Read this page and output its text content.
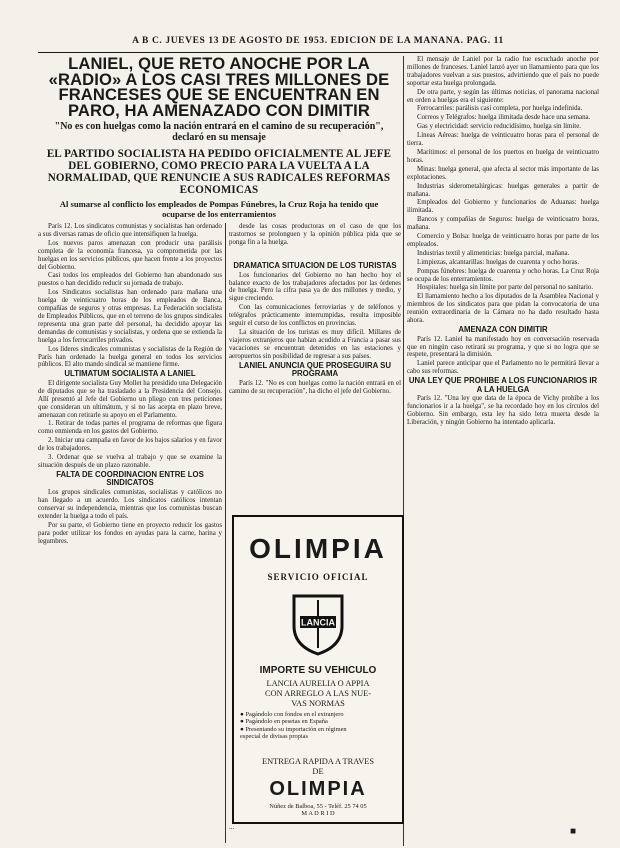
A B C. JUEVES 13 DE AGOSTO DE 1953. EDICION DE LA MAÑANA. PAG. 11
LANIEL, QUE RETO ANOCHE POR LA «RADIO» A LOS CASI TRES MILLONES DE FRANCESES QUE SE ENCUENTRAN EN PARO, HA AMENAZADO CON DIMITIR
"No es con huelgas como la nación entrará en el camino de su recuperación", declaró en su mensaje
EL PARTIDO SOCIALISTA HA PEDIDO OFICIALMENTE AL JEFE DEL GOBIERNO, COMO PRECIO PARA LA VUELTA A LA NORMALIDAD, QUE RENUNCIE A SUS RADICALES REFORMAS ECONOMICAS
Al sumarse al conflicto los empleados de Pompas Fúnebres, la Cruz Roja ha tenido que ocuparse de los enterramientos

París 12. Los sindicatos comunistas y socialistas han ordenado a sus diversas ramas de oficio que intensifiquen la huelga.

Los nuevos paros amenazan con producir una parálisis completa de la economía francesa, ya comprometida por las huelgas en los servicios públicos, que hacen frente a los proyectos del Gobierno.

Casi todos los empleados del Gobierno han abandonado sus puestos o han decidido reducir su jornada de trabajo.

Los Sindicatos socialistas han ordenado para mañana una huelga de veinticuatro horas de los empleados de Banca, compañías de seguros y otras empresas. La Federación socialista de Empleados Públicos, que en el terreno de los grupos sindicales representa una gran parte del personal, ha decidido apoyar las demandas de comunistas y socialistas, y ordena que se extienda la huelga a los ferrocarriles privados.

Los líderes sindicales comunistas y socialistas de la Región de París han ordenado la huelga general en todos los servicios públicos. El alto mando sindical se mantiene firme.

ULTIMATUM SOCIALISTA A LANIEL

El dirigente socialista Guy Mollet ha presidido una Delegación de diputados que se ha trasladado a la Presidencia del Consejo. Allí presentó al Jefe del Gobierno un pliego con tres peticiones que consideran un ultimátum, y si no las acepta en plazo breve, amenazan con retirarle su apoyo en el Parlamento.

1. Retirar de todas partes el programa de reformas que figura como enmienda en los gastos del Gobierno.

2. Iniciar una campaña en favor de los bajos salarios y en favor de los trabajadores.

3. Ordenar que se vuelva al trabajo y que se examine la situación después de un plazo razonable.

FALTA DE COORDINACION ENTRE LOS SINDICATOS

Los grupos sindicales comunistas, socialistas y católicos no han llegado a un acuerdo. Los sindicatos católicos intentan conservar su independencia, mientras que los comunistas buscan extender la huelga a todo el país.

Por su parte, el Gobierno tiene en proyecto reducir los gastos para poder utilizar los fondos en ayudas para la carne, harina y legumbres.

desde las cosas productoras en el caso de que los trastornos se prolonguen y la opinión pública pida que se ponga fin a la huelga.

DRAMATICA SITUACION DE LOS TURISTAS

Los funcionarios del Gobierno no han hecho hoy el balance exacto de los trabajadores afectados por las órdenes de huelga. Pero la cifra pasa ya de dos millones y medio, y sigue creciendo.

Con las comunicaciones ferroviarias y de teléfonos y telégrafos prácticamente interrumpidas, resulta imposible seguir el curso de los conflictos en provincias.

La situación de los turistas es muy difícil. Millares de viajeros extranjeros que habían acudido a Francia a pasar sus vacaciones se encuentran detenidos en las estaciones y aeropuertos sin posibilidad de regresar a sus países.

LANIEL ANUNCIA QUE PROSEGUIRA SU PROGRAMA

París 12. "No es con huelgas como la nación entrará en el camino de su recuperación", ha dicho el jefe del Gobierno.

OLIMPIA
SERVICIO OFICIAL
LANCIA
IMPORTE SU VEHICULO
LANCIA AURELIA O APPIA
CON ARREGLO A LAS NUE-
VAS NORMAS
● Pagándolo con fondos en el extranjero
● Pagándolo en pesetas en España
● Presentando su importación en régimen
especial de divisas propias
ENTREGA RAPIDA A TRAVES
DE
OLIMPIA
Núñez de Balboa, 55 - Teléf. 25 74 05
M A D R I D

El mensaje de Laniel por la radio fue escuchado anoche por millones de franceses. Laniel lanzó ayer un llamamiento para que los trabajadores vuelvan a sus puestos, advirtiendo que el país no puede soportar esta huelga prolongada.

De otra parte, y según las últimas noticias, el panorama nacional en orden a huelgas era el siguiente:

Ferrocarriles: parálisis casi completa, por huelga indefinida.

Correos y Telégrafos: huelga ilimitada desde hace una semana.

Gas y electricidad: servicio reducidísimo, huelga sin límite.

Líneas Aéreas: huelga de veinticuatro horas para el personal de tierra.

Marítimos: el personal de los puertos en huelga de veinticuatro horas.

Minas: huelga general, que afecta al sector más importante de las explotaciones.

Industrias siderometalúrgicas: huelgas generales a partir de mañana.

Empleados del Gobierno y funcionarios de Aduanas: huelga ilimitada.

Bancos y compañías de Seguros: huelga de veinticuatro horas, mañana.

Comercio y Bolsa: huelga de veinticuatro horas por parte de los empleados.

Industrias textil y alimenticias: huelga parcial, mañana.

Limpiezas, alcantarillas: huelgas de cuarenta y ocho horas.

Pompas fúnebres: huelga de cuarenta y ocho horas. La Cruz Roja se ocupa de los enterramientos.

Hospitales: huelga sin límite por parte del personal no sanitario.

El llamamiento hecho a los diputados de la Asamblea Nacional y miembros de los sindicatos para que pidan la convocatoria de una reunión extraordinaria de la Cámara no ha dado resultado hasta ahora.

AMENAZA CON DIMITIR

París 12. Laniel ha manifestado hoy en conversación reservada que en ningún caso retirará su programa, y que si no logra que se respete, presentará la dimisión.

Laniel parece anticipar que el Parlamento no le permitirá llevar a cabo sus reformas.

UNA LEY QUE PROHIBE A LOS FUNCIONARIOS IR A LA HUELGA

París 12. "Una ley que data de la época de Vichy prohíbe a los funcionarios ir a la huelga", se ha recordado hoy en los círculos del Gobierno. Sin embargo, esta ley ha sido letra muerta desde la Liberación, y ningún Gobierno ha intentado aplicarla.

...	■
